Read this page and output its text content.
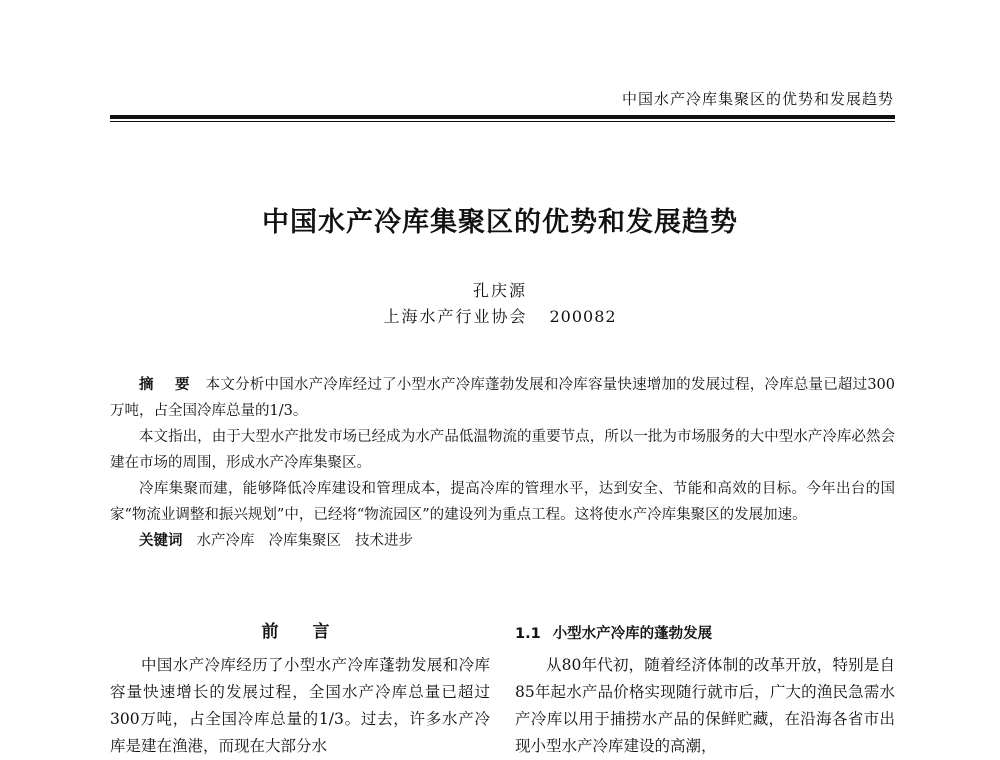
中国水产冷库集聚区的优势和发展趋势
中国水产冷库集聚区的优势和发展趋势
孔庆源
上海水产行业协会 200082

摘 要 本文分析中国水产冷库经过了小型水产冷库蓬勃发展和冷库容量快速增加的发展过程，冷库总量已超过300万吨，占全国冷库总量的1/3。

本文指出，由于大型水产批发市场已经成为水产品低温物流的重要节点，所以一批为市场服务的大中型水产冷库必然会建在市场的周围，形成水产冷库集聚区。

冷库集聚而建，能够降低冷库建设和管理成本，提高冷库的管理水平，达到安全、节能和高效的目标。今年出台的国家“物流业调整和振兴规划”中，已经将“物流园区”的建设列为重点工程。这将使水产冷库集聚区的发展加速。

关键词 水产冷库 冷库集聚区 技术进步

前 言

中国水产冷库经历了小型水产冷库蓬勃发展和冷库容量快速增长的发展过程，全国水产冷库总量已超过300万吨，占全国冷库总量的1/3。过去，许多水产冷库是建在渔港，而现在大部分水

1.1 小型水产冷库的蓬勃发展

从80年代初，随着经济体制的改革开放，特别是自85年起水产品价格实现随行就市后，广大的渔民急需水产冷库以用于捕捞水产品的保鲜贮藏，在沿海各省市出现小型水产冷库建设的高潮，
